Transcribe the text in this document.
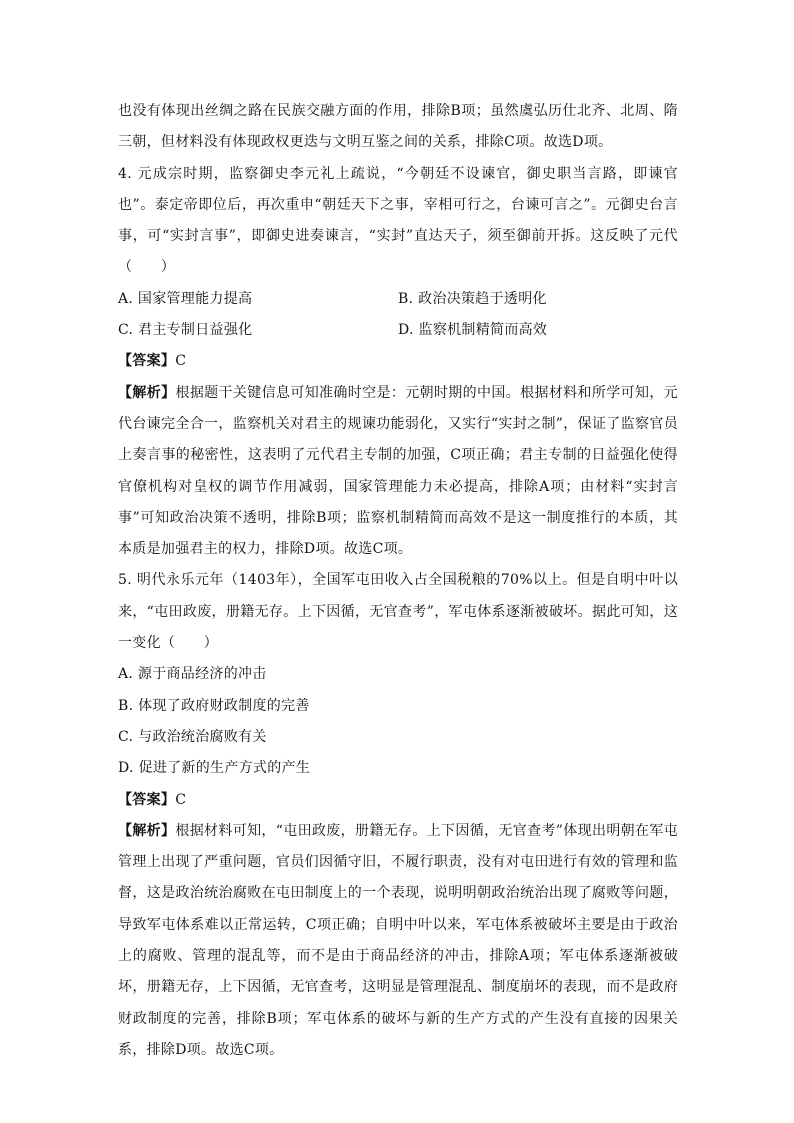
也没有体现出丝绸之路在民族交融方面的作用，排除B项；虽然虞弘历仕北齐、北周、隋三朝，但材料没有体现政权更迭与文明互鉴之间的关系，排除C项。故选D项。

4. 元成宗时期，监察御史李元礼上疏说，“今朝廷不设谏官，御史职当言路，即谏官也”。泰定帝即位后，再次重申“朝廷天下之事，宰相可行之，台谏可言之”。元御史台言事，可“实封言事”，即御史进奏谏言，“实封”直达天子，须至御前开拆。这反映了元代（　　）

A. 国家管理能力提高	B. 政治决策趋于透明化

C. 君主专制日益强化	D. 监察机制精简而高效

【答案】C

【解析】根据题干关键信息可知准确时空是：元朝时期的中国。根据材料和所学可知，元代台谏完全合一，监察机关对君主的规谏功能弱化，又实行“实封之制”，保证了监察官员上奏言事的秘密性，这表明了元代君主专制的加强，C项正确；君主专制的日益强化使得官僚机构对皇权的调节作用减弱，国家管理能力未必提高，排除A项；由材料“实封言事”可知政治决策不透明，排除B项；监察机制精简而高效不是这一制度推行的本质，其本质是加强君主的权力，排除D项。故选C项。

5. 明代永乐元年（1403年），全国军屯田收入占全国税粮的70%以上。但是自明中叶以来，“屯田政废，册籍无存。上下因循，无官查考”，军屯体系逐渐被破坏。据此可知，这一变化（　　）

A. 源于商品经济的冲击

B. 体现了政府财政制度的完善

C. 与政治统治腐败有关

D. 促进了新的生产方式的产生

【答案】C

【解析】根据材料可知，“屯田政废，册籍无存。上下因循，无官查考”体现出明朝在军屯管理上出现了严重问题，官员们因循守旧，不履行职责，没有对屯田进行有效的管理和监督，这是政治统治腐败在屯田制度上的一个表现，说明明朝政治统治出现了腐败等问题，导致军屯体系难以正常运转，C项正确；自明中叶以来，军屯体系被破坏主要是由于政治上的腐败、管理的混乱等，而不是由于商品经济的冲击，排除A项；军屯体系逐渐被破坏，册籍无存，上下因循，无官查考，这明显是管理混乱、制度崩坏的表现，而不是政府财政制度的完善，排除B项；军屯体系的破坏与新的生产方式的产生没有直接的因果关系，排除D项。故选C项。
